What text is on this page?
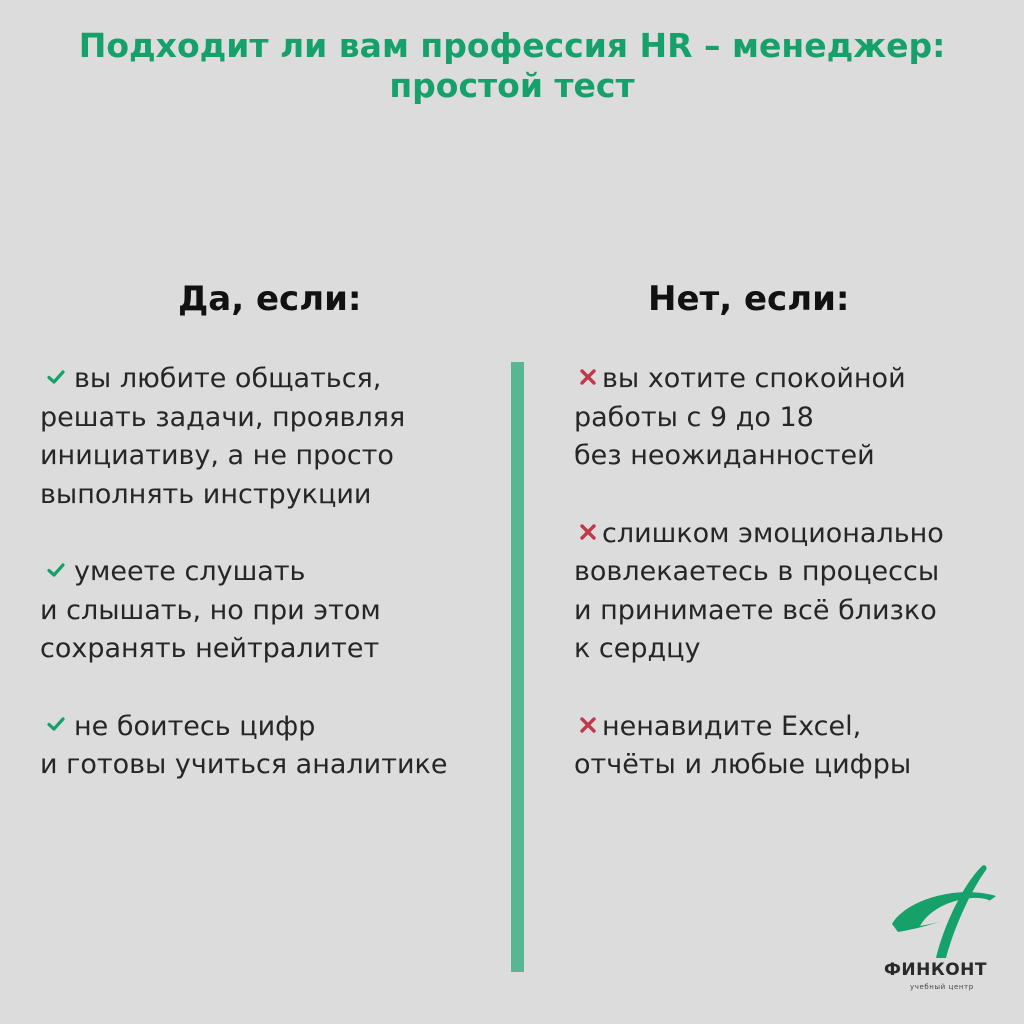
Подходит ли вам профессия HR – менеджер:
простой тест
Да, если:	Нет, если:
вы любите общаться,
решать задачи, проявляя
инициативу, а не просто
выполнять инструкции
умеете слушать
и слышать, но при этом
сохранять нейтралитет
не боитесь цифр
и готовы учиться аналитике
вы хотите спокойной
работы с 9 до 18
без неожиданностей
слишком эмоционально
вовлекаетесь в процессы
и принимаете всё близко
к сердцу
ненавидите Excel,
отчёты и любые цифры

ФИНКОНТ

учебный центр
